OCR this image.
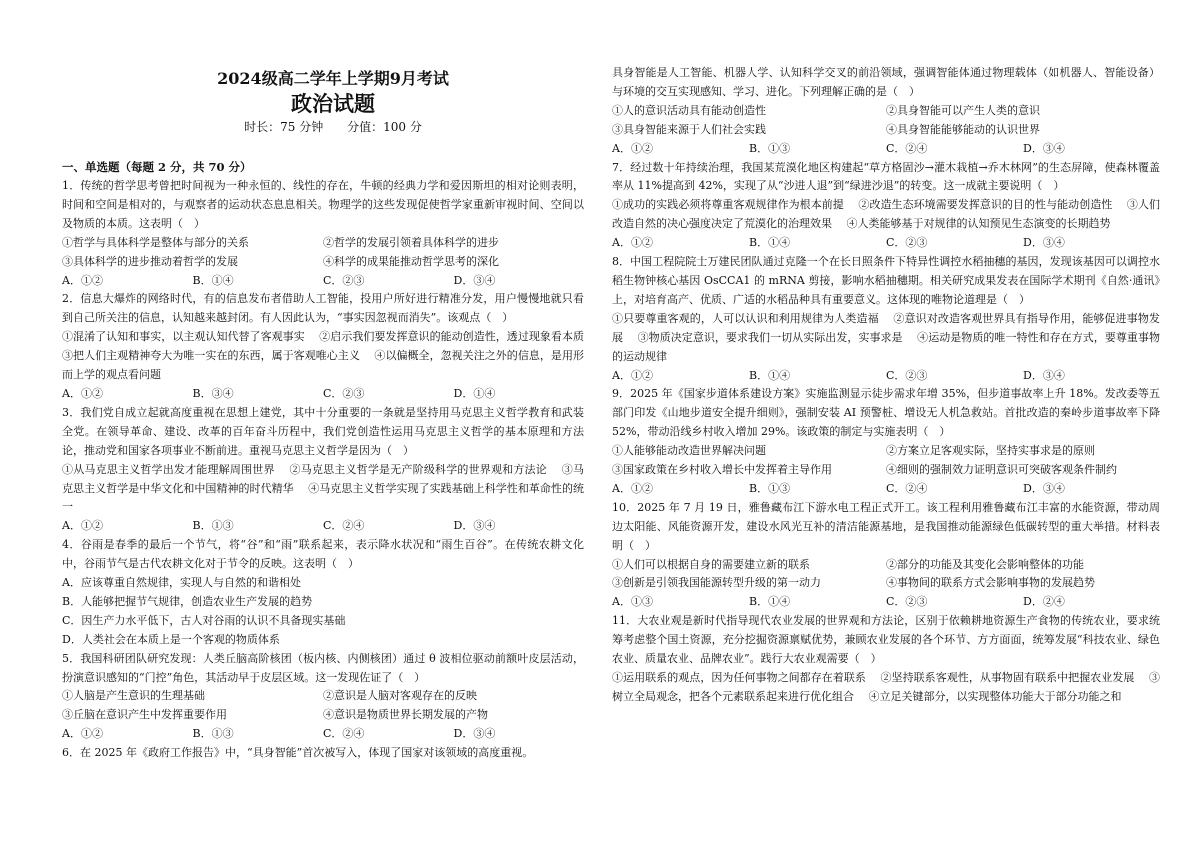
2024级高二学年上学期9月考试
政治试题
时长：75 分钟 分值：100 分
一、单选题（每题 2 分，共 70 分）
1．传统的哲学思考曾把时间视为一种永恒的、线性的存在，牛顿的经典力学和爱因斯坦的相对论则表明，时间和空间是相对的，与观察者的运动状态息息相关。物理学的这些发现促使哲学家重新审视时间、空间以及物质的本质。这表明（　）
①哲学与具体科学是整体与部分的关系	②哲学的发展引领着具体科学的进步
③具体科学的进步推动着哲学的发展	④科学的成果能推动哲学思考的深化
A．①②	B．①④	C．②③	D．③④
2．信息大爆炸的网络时代，有的信息发布者借助人工智能，投用户所好进行精准分发，用户慢慢地就只看到自己所关注的信息，认知越来越封闭。有人因此认为，“事实因忽视而消失”。该观点（　）
①混淆了认知和事实，以主观认知代替了客观事实　 ②启示我们要发挥意识的能动创造性，透过现象看本质　 ③把人们主观精神夸大为唯一实在的东西，属于客观唯心主义　 ④以偏概全，忽视关注之外的信息，是用形而上学的观点看问题
A．①②	B．③④	C．②③	D．①④
3．我们党自成立起就高度重视在思想上建党，其中十分重要的一条就是坚持用马克思主义哲学教育和武装全党。在领导革命、建设、改革的百年奋斗历程中，我们党创造性运用马克思主义哲学的基本原理和方法论，推动党和国家各项事业不断前进。重视马克思主义哲学是因为（　）
①从马克思主义哲学出发才能理解周围世界　 ②马克思主义哲学是无产阶级科学的世界观和方法论　 ③马克思主义哲学是中华文化和中国精神的时代精华　 ④马克思主义哲学实现了实践基础上科学性和革命性的统一
A．①②	B．①③	C．②④	D．③④
4．谷雨是春季的最后一个节气，将“谷”和“雨”联系起来，表示降水状况和“雨生百谷”。在传统农耕文化中，谷雨节气是古代农耕文化对于节令的反映。这表明（　）
A．应该尊重自然规律，实现人与自然的和谐相处
B．人能够把握节气规律，创造农业生产发展的趋势
C．因生产力水平低下，古人对谷雨的认识不具备现实基础
D．人类社会在本质上是一个客观的物质体系
5．我国科研团队研究发现：人类丘脑高阶核团（板内核、内侧核团）通过 θ 波相位驱动前额叶皮层活动，扮演意识感知的“门控”角色，其活动早于皮层区域。这一发现佐证了（　）
①人脑是产生意识的生理基础	②意识是人脑对客观存在的反映
③丘脑在意识产生中发挥重要作用	④意识是物质世界长期发展的产物
A．①②	B．①③	C．②④	D．③④
6．在 2025 年《政府工作报告》中，“具身智能”首次被写入，体现了国家对该领域的高度重视。
具身智能是人工智能、机器人学、认知科学交叉的前沿领域，强调智能体通过物理载体（如机器人、智能设备）与环境的交互实现感知、学习、进化。下列理解正确的是（　）
①人的意识活动具有能动创造性	②具身智能可以产生人类的意识
③具身智能来源于人们社会实践	④具身智能能够能动的认识世界
A．①②	B．①③	C．②④	D．③④
7．经过数十年持续治理，我国某荒漠化地区构建起“草方格固沙→灌木栽植→乔木林网”的生态屏障，使森林覆盖率从 11%提高到 42%，实现了从“沙进人退”到“绿进沙退”的转变。这一成就主要说明（　）
①成功的实践必须将尊重客观规律作为根本前提　 ②改造生态环境需要发挥意识的目的性与能动创造性　 ③人们改造自然的决心强度决定了荒漠化的治理效果　 ④人类能够基于对规律的认知预见生态演变的长期趋势
A．①②	B．①④	C．②③	D．③④
8．中国工程院院士万建民团队通过克隆一个在长日照条件下特异性调控水稻抽穗的基因，发现该基因可以调控水稻生物钟核心基因 OsCCA1 的 mRNA 剪接，影响水稻抽穗期。相关研究成果发表在国际学术期刊《自然·通讯》上，对培育高产、优质、广适的水稻品种具有重要意义。这体现的唯物论道理是（　）
①只要尊重客观的，人可以认识和利用规律为人类造福　 ②意识对改造客观世界具有指导作用，能够促进事物发展　 ③物质决定意识，要求我们一切从实际出发，实事求是　 ④运动是物质的唯一特性和存在方式，要尊重事物的运动规律
A．①②	B．①④	C．②③	D．③④
9．2025 年《国家步道体系建设方案》实施监测显示徒步需求年增 35%，但步道事故率上升 18%。发改委等五部门印发《山地步道安全提升细则》，强制安装 AI 预警桩、增设无人机急救站。首批改造的秦岭步道事故率下降 52%，带动沿线乡村收入增加 29%。该政策的制定与实施表明（　）
①人能够能动改造世界解决问题	②方案立足客观实际，坚持实事求是的原则
③国家政策在乡村收入增长中发挥着主导作用	④细则的强制效力证明意识可突破客观条件制约
A．①②	B．①③	C．②④	D．③④
10．2025 年 7 月 19 日，雅鲁藏布江下游水电工程正式开工。该工程利用雅鲁藏布江丰富的水能资源，带动周边太阳能、风能资源开发，建设水风光互补的清洁能源基地，是我国推动能源绿色低碳转型的重大举措。材料表明（　）
①人们可以根据自身的需要建立新的联系	②部分的功能及其变化会影响整体的功能
③创新是引领我国能源转型升级的第一动力	④事物间的联系方式会影响事物的发展趋势
A．①③	B．①④	C．②③	D．②④
11．大农业观是新时代指导现代农业发展的世界观和方法论，区别于依赖耕地资源生产食物的传统农业，要求统筹考虑整个国土资源，充分挖掘资源禀赋优势，兼顾农业发展的各个环节、方方面面，统筹发展“科技农业、绿色农业、质量农业、品牌农业”。践行大农业观需要（　）
①运用联系的观点，因为任何事物之间都存在着联系　 ②坚持联系客观性，从事物固有联系中把握农业发展　 ③树立全局观念，把各个元素联系起来进行优化组合　 ④立足关键部分，以实现整体功能大于部分功能之和
